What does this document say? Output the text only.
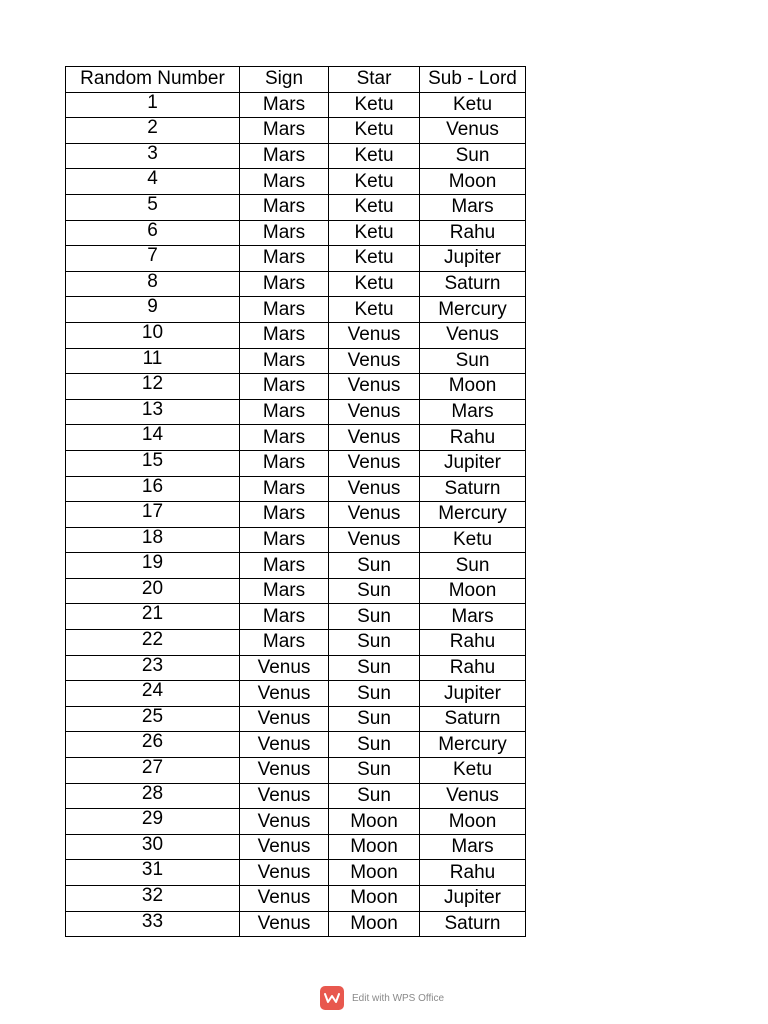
Random Number	Sign	Star	Sub - Lord
1	Mars	Ketu	Ketu
2	Mars	Ketu	Venus
3	Mars	Ketu	Sun
4	Mars	Ketu	Moon
5	Mars	Ketu	Mars
6	Mars	Ketu	Rahu
7	Mars	Ketu	Jupiter
8	Mars	Ketu	Saturn
9	Mars	Ketu	Mercury
10	Mars	Venus	Venus
11	Mars	Venus	Sun
12	Mars	Venus	Moon
13	Mars	Venus	Mars
14	Mars	Venus	Rahu
15	Mars	Venus	Jupiter
16	Mars	Venus	Saturn
17	Mars	Venus	Mercury
18	Mars	Venus	Ketu
19	Mars	Sun	Sun
20	Mars	Sun	Moon
21	Mars	Sun	Mars
22	Mars	Sun	Rahu
23	Venus	Sun	Rahu
24	Venus	Sun	Jupiter
25	Venus	Sun	Saturn
26	Venus	Sun	Mercury
27	Venus	Sun	Ketu
28	Venus	Sun	Venus
29	Venus	Moon	Moon
30	Venus	Moon	Mars
31	Venus	Moon	Rahu
32	Venus	Moon	Jupiter
33	Venus	Moon	Saturn
Edit with WPS Office
